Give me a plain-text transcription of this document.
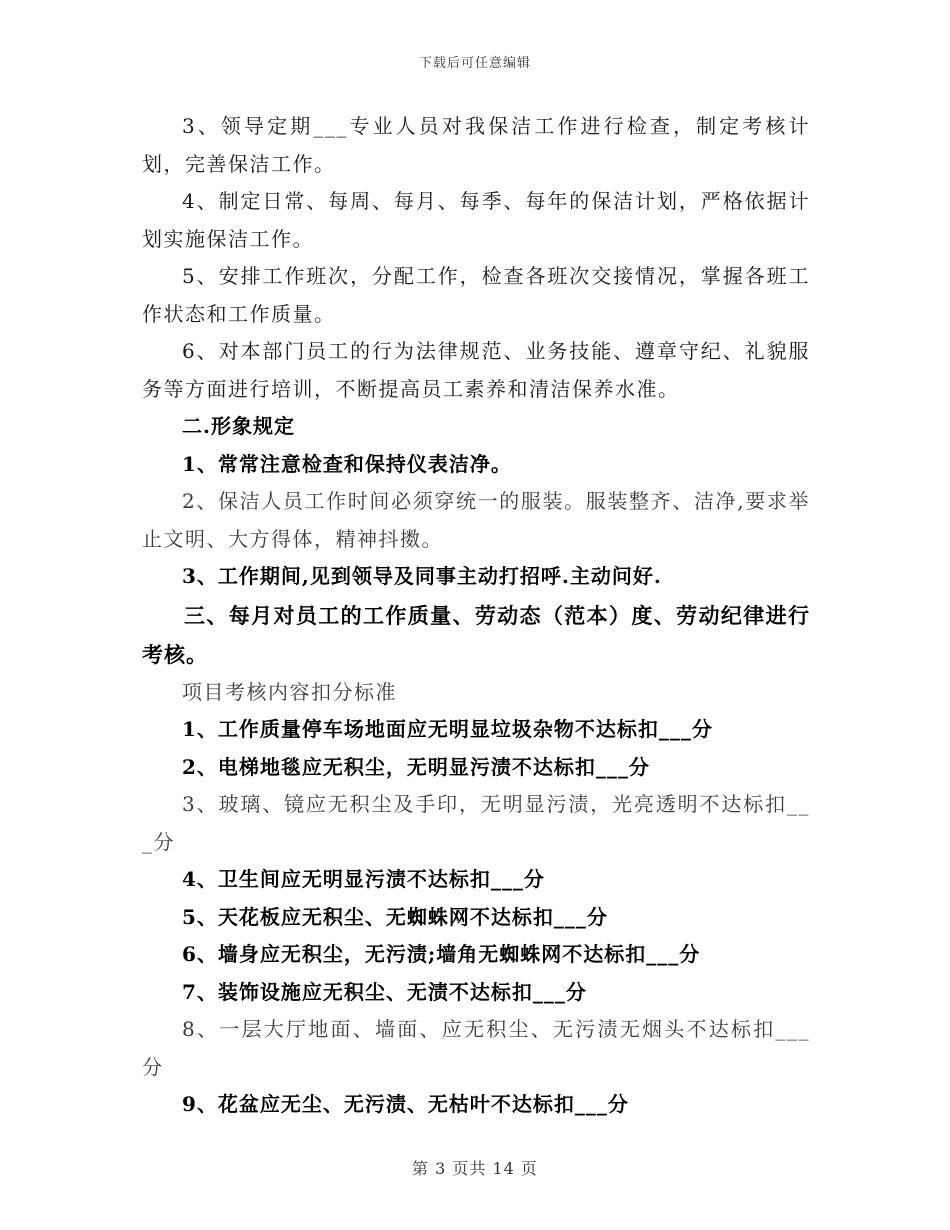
下载后可任意编辑

3、领导定期___专业人员对我保洁工作进行检查，制定考核计划，完善保洁工作。

4、制定日常、每周、每月、每季、每年的保洁计划，严格依据计划实施保洁工作。

5、安排工作班次，分配工作，检查各班次交接情况，掌握各班工作状态和工作质量。

6、对本部门员工的行为法律规范、业务技能、遵章守纪、礼貌服务等方面进行培训，不断提高员工素养和清洁保养水准。

二.形象规定

1、常常注意检查和保持仪表洁净。

2、保洁人员工作时间必须穿统一的服装。服装整齐、洁净,要求举止文明、大方得体，精神抖擞。

3、工作期间,见到领导及同事主动打招呼.主动问好.

三、每月对员工的工作质量、劳动态（范本）度、劳动纪律进行考核。

项目考核内容扣分标准

1、工作质量停车场地面应无明显垃圾杂物不达标扣___分

2、电梯地毯应无积尘，无明显污渍不达标扣___分

3、玻璃、镜应无积尘及手印，无明显污渍，光亮透明不达标扣___分

4、卫生间应无明显污渍不达标扣___分

5、天花板应无积尘、无蜘蛛网不达标扣___分

6、墙身应无积尘，无污渍;墙角无蜘蛛网不达标扣___分

7、装饰设施应无积尘、无渍不达标扣___分

8、一层大厅地面、墙面、应无积尘、无污渍无烟头不达标扣___分

9、花盆应无尘、无污渍、无枯叶不达标扣___分

第 3 页共 14 页
